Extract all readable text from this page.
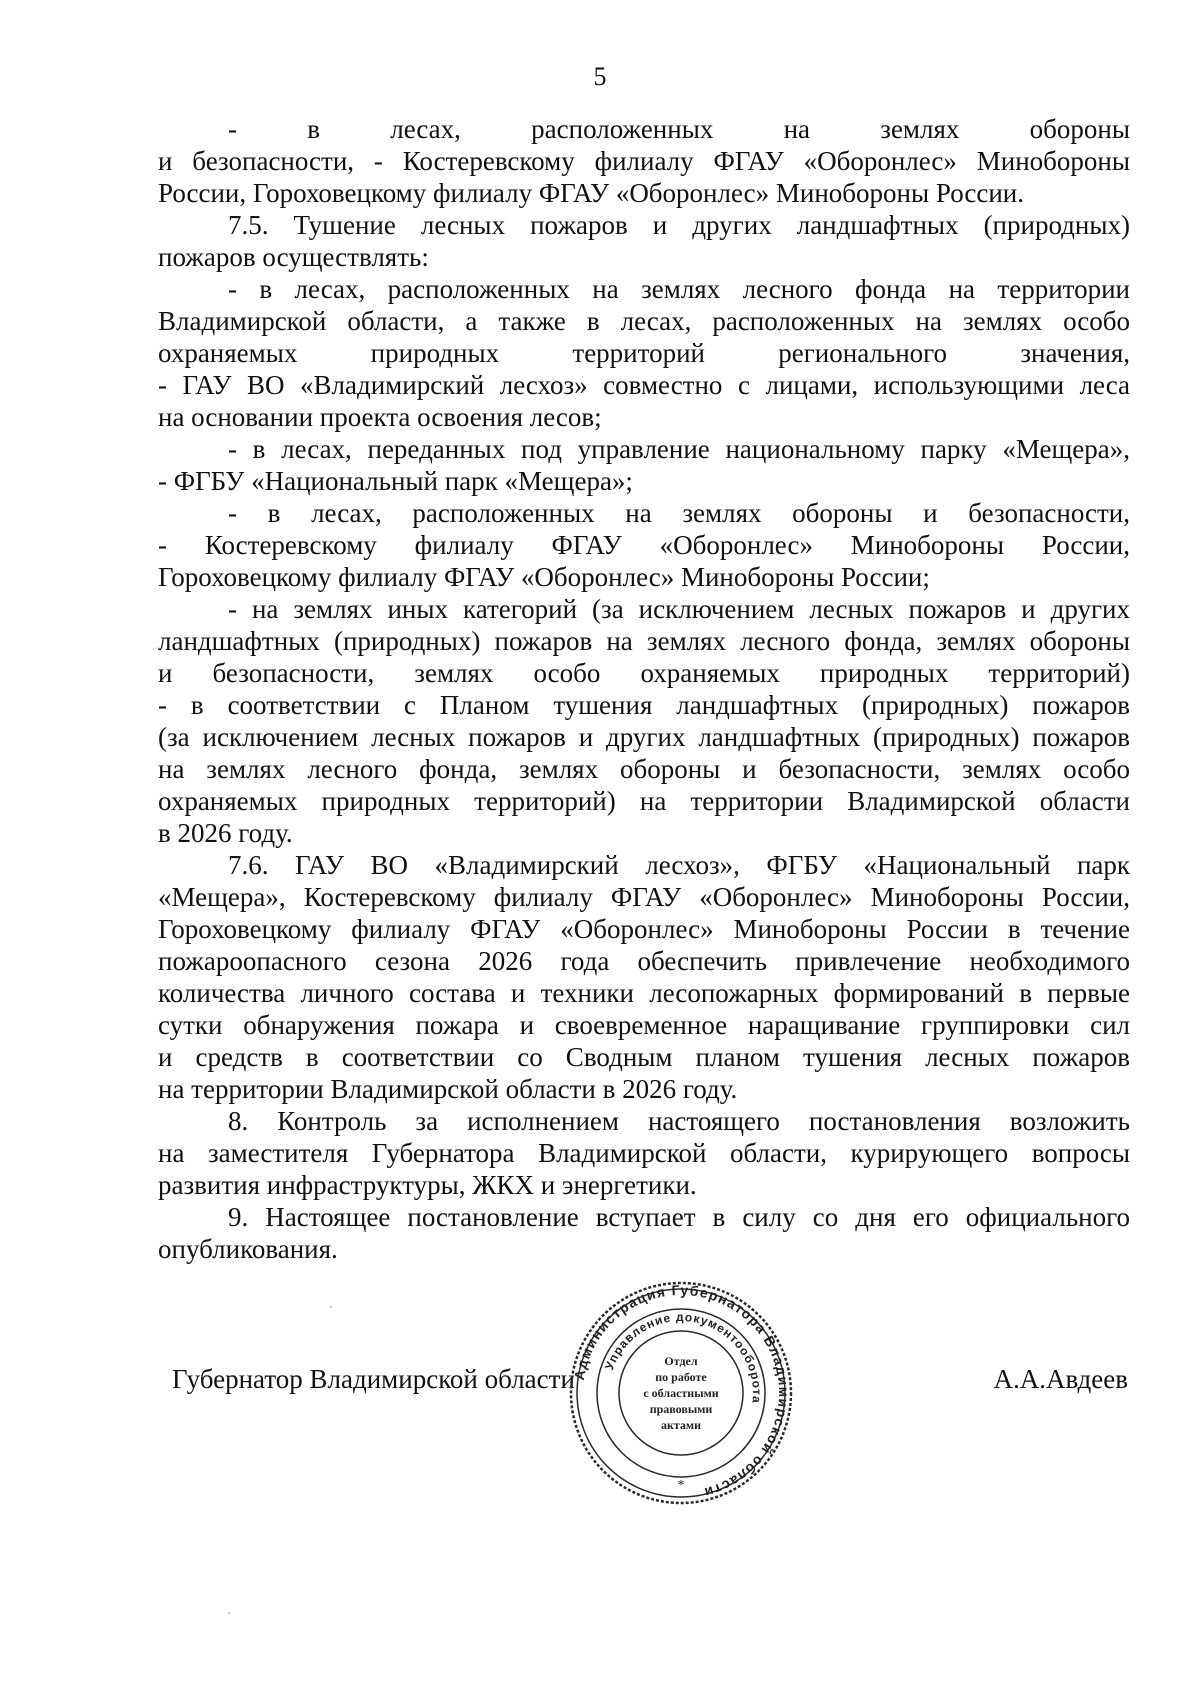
5
- в лесах, расположенных на землях обороны
и безопасности, - Костеревскому филиалу ФГАУ «Оборонлес» Минобороны
России, Гороховецкому филиалу ФГАУ «Оборонлес» Минобороны России.
7.5. Тушение лесных пожаров и других ландшафтных (природных)
пожаров осуществлять:
- в лесах, расположенных на землях лесного фонда на территории
Владимирской области, а также в лесах, расположенных на землях особо
охраняемых природных территорий регионального значения,
- ГАУ ВО «Владимирский лесхоз» совместно с лицами, использующими леса
на основании проекта освоения лесов;
- в лесах, переданных под управление национальному парку «Мещера»,
- ФГБУ «Национальный парк «Мещера»;
- в лесах, расположенных на землях обороны и безопасности,
- Костеревскому филиалу ФГАУ «Оборонлес» Минобороны России,
Гороховецкому филиалу ФГАУ «Оборонлес» Минобороны России;
- на землях иных категорий (за исключением лесных пожаров и других
ландшафтных (природных) пожаров на землях лесного фонда, землях обороны
и безопасности, землях особо охраняемых природных территорий)
- в соответствии с Планом тушения ландшафтных (природных) пожаров
(за исключением лесных пожаров и других ландшафтных (природных) пожаров
на землях лесного фонда, землях обороны и безопасности, землях особо
охраняемых природных территорий) на территории Владимирской области
в 2026 году.
7.6. ГАУ ВО «Владимирский лесхоз», ФГБУ «Национальный парк
«Мещера», Костеревскому филиалу ФГАУ «Оборонлес» Минобороны России,
Гороховецкому филиалу ФГАУ «Оборонлес» Минобороны России в течение
пожароопасного сезона 2026 года обеспечить привлечение необходимого
количества личного состава и техники лесопожарных формирований в первые
сутки обнаружения пожара и своевременное наращивание группировки сил
и средств в соответствии со Сводным планом тушения лесных пожаров
на территории Владимирской области в 2026 году.
8. Контроль за исполнением настоящего постановления возложить
на заместителя Губернатора Владимирской области, курирующего вопросы
развития инфраструктуры, ЖКХ и энергетики.
9. Настоящее постановление вступает в силу со дня его официального
опубликования.
Губернатор Владимирской области	А.А.Авдеев
Администрация Губернатора Владимирской области
Управление документооборота
Отдел
по работе
с областными
правовыми
актами
*
